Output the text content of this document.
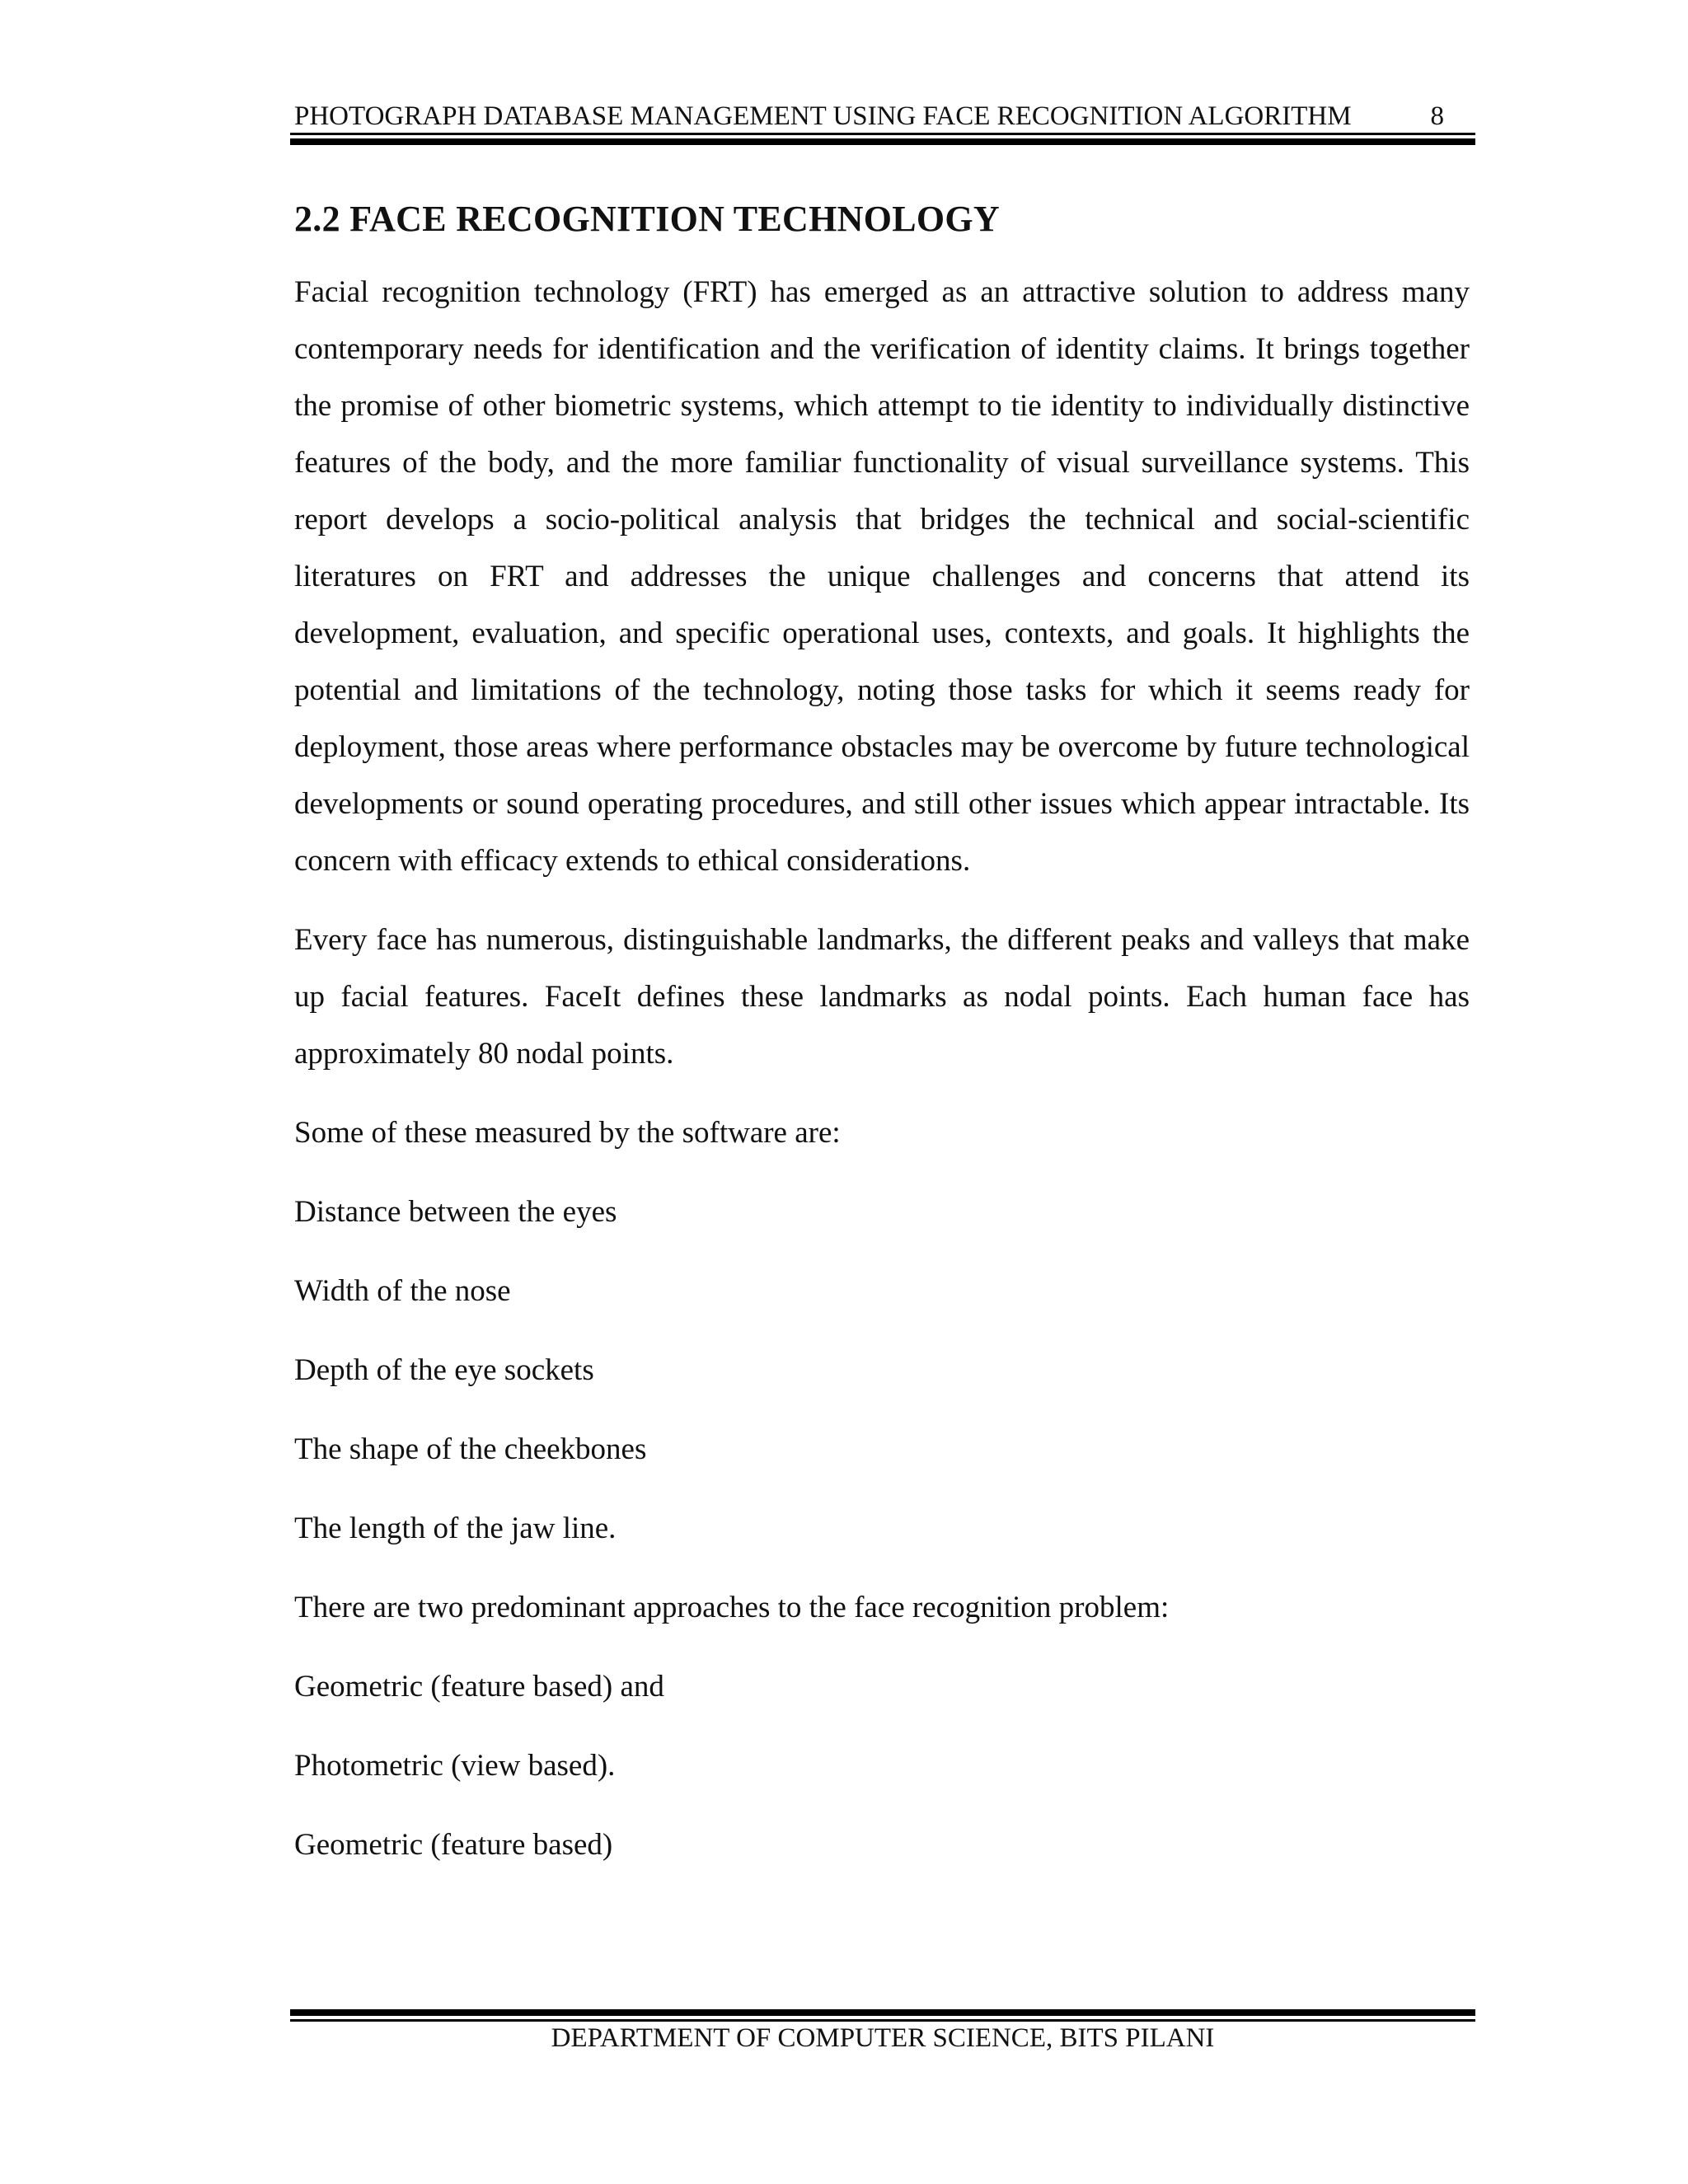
PHOTOGRAPH DATABASE MANAGEMENT USING FACE RECOGNITION ALGORITHM	8
2.2 FACE RECOGNITION TECHNOLOGY

Facial recognition technology (FRT) has emerged as an attractive solution to address many contemporary needs for identification and the verification of identity claims. It brings together the promise of other biometric systems, which attempt to tie identity to individually distinctive features of the body, and the more familiar functionality of visual surveillance systems. This report develops a socio-political analysis that bridges the technical and social-scientific literatures on FRT and addresses the unique challenges and concerns that attend its development, evaluation, and specific operational uses, contexts, and goals. It highlights the potential and limitations of the technology, noting those tasks for which it seems ready for deployment, those areas where performance obstacles may be overcome by future technological developments or sound operating procedures, and still other issues which appear intractable. Its concern with efficacy extends to ethical considerations.

Every face has numerous, distinguishable landmarks, the different peaks and valleys that make up facial features. FaceIt defines these landmarks as nodal points. Each human face has approximately 80 nodal points.

Some of these measured by the software are:

Distance between the eyes

Width of the nose

Depth of the eye sockets

The shape of the cheekbones

The length of the jaw line.

There are two predominant approaches to the face recognition problem:

Geometric (feature based) and

Photometric (view based).

Geometric (feature based)

DEPARTMENT OF COMPUTER SCIENCE, BITS PILANI
